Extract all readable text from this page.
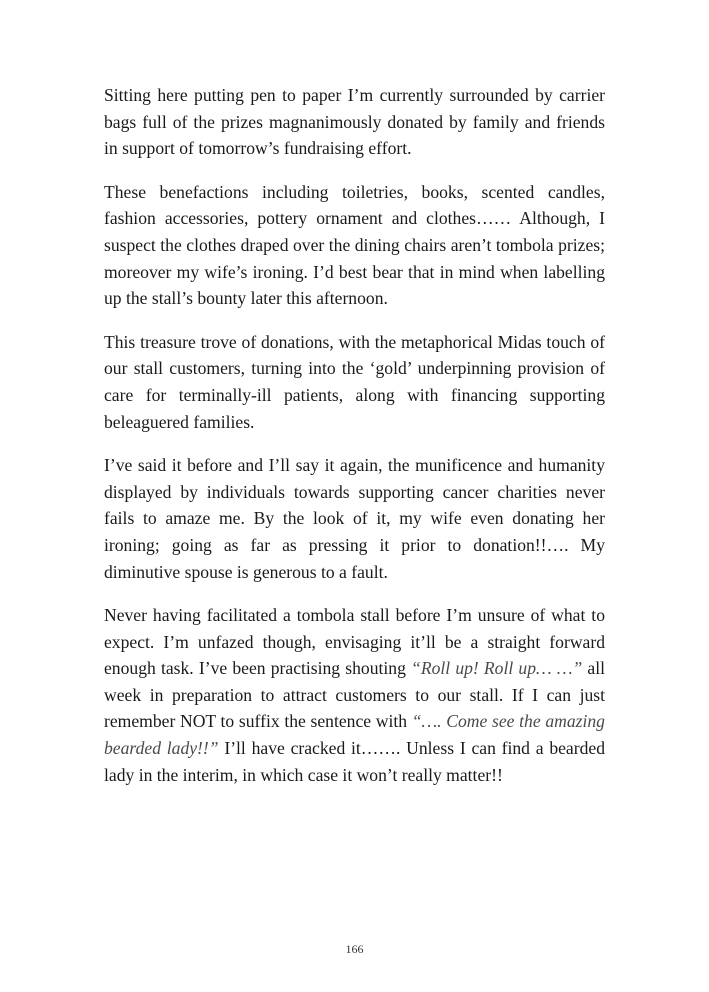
Sitting here putting pen to paper I’m currently surrounded by carrier bags full of the prizes magnanimously donated by family and friends in support of tomorrow’s fundraising effort.

These benefactions including toiletries, books, scented candles, fashion accessories, pottery ornament and clothes…… Although, I suspect the clothes draped over the dining chairs aren’t tombola prizes; moreover my wife’s ironing. I’d best bear that in mind when labelling up the stall’s bounty later this afternoon.

This treasure trove of donations, with the metaphorical Midas touch of our stall customers, turning into the ‘gold’ underpinning provision of care for terminally-ill patients, along with financing supporting beleaguered families.

I’ve said it before and I’ll say it again, the munificence and humanity displayed by individuals towards supporting cancer charities never fails to amaze me. By the look of it, my wife even donating her ironing; going as far as pressing it prior to donation!!…. My diminutive spouse is generous to a fault.

Never having facilitated a tombola stall before I’m unsure of what to expect. I’m unfazed though, envisaging it’ll be a straight forward enough task. I’ve been practising shouting “Roll up! Roll up… …” all week in preparation to attract customers to our stall. If I can just remember NOT to suffix the sentence with “…. Come see the amazing bearded lady!!” I’ll have cracked it……. Unless I can find a bearded lady in the interim, in which case it won’t really matter!!

166
